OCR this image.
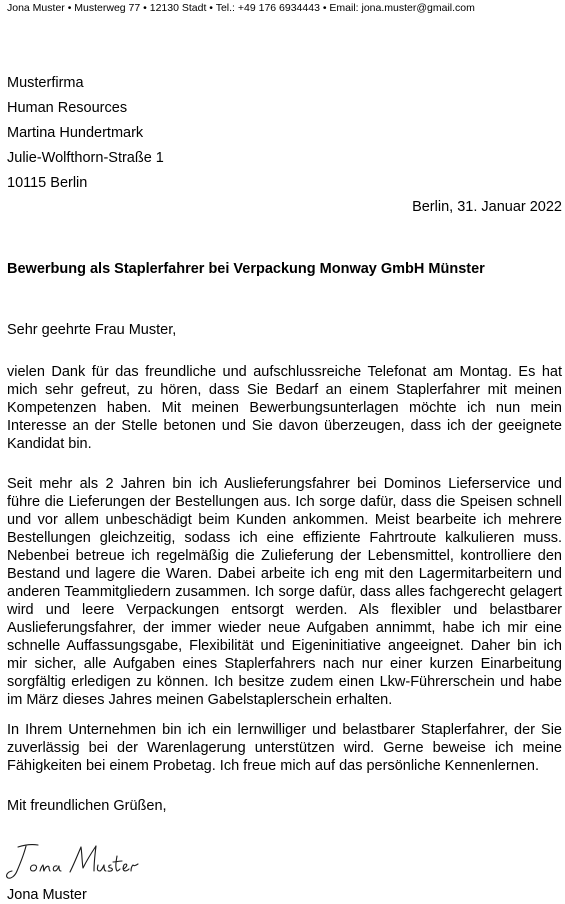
Jona Muster • Musterweg 77 • 12130 Stadt • Tel.: +49 176 6934443 • Email: jona.muster@gmail.com
Musterfirma
Human Resources
Martina Hundertmark
Julie-Wolfthorn-Straße 1
10115 Berlin
Berlin, 31. Januar 2022
Bewerbung als Staplerfahrer bei Verpackung Monway GmbH Münster
Sehr geehrte Frau Muster,
vielen Dank für das freundliche und aufschlussreiche Telefonat am Montag. Es hat mich sehr gefreut, zu hören, dass Sie Bedarf an einem Staplerfahrer mit meinen Kompetenzen haben. Mit meinen Bewerbungsunterlagen möchte ich nun mein Interesse an der Stelle betonen und Sie davon überzeugen, dass ich der geeignete Kandidat bin.
Seit mehr als 2 Jahren bin ich Auslieferungsfahrer bei Dominos Lieferservice und führe die Lieferungen der Bestellungen aus. Ich sorge dafür, dass die Speisen schnell und vor allem unbeschädigt beim Kunden ankommen. Meist bearbeite ich mehrere Bestellungen gleichzeitig, sodass ich eine effiziente Fahrtroute kalkulieren muss. Nebenbei betreue ich regelmäßig die Zulieferung der Lebensmittel, kontrolliere den Bestand und lagere die Waren. Dabei arbeite ich eng mit den Lagermitarbeitern und anderen Teammitgliedern zusammen. Ich sorge dafür, dass alles fachgerecht gelagert wird und leere Verpackungen entsorgt werden. Als flexibler und belastbarer Auslieferungsfahrer, der immer wieder neue Aufgaben annimmt, habe ich mir eine schnelle Auffassungsgabe, Flexibilität und Eigeninitiative angeeignet. Daher bin ich mir sicher, alle Aufgaben eines Staplerfahrers nach nur einer kurzen Einarbeitung sorgfältig erledigen zu können. Ich besitze zudem einen Lkw-Führerschein und habe im März dieses Jahres meinen Gabelstaplerschein erhalten.
In Ihrem Unternehmen bin ich ein lernwilliger und belastbarer Staplerfahrer, der Sie zuverlässig bei der Warenlagerung unterstützen wird. Gerne beweise ich meine Fähigkeiten bei einem Probetag. Ich freue mich auf das persönliche Kennenlernen.
Mit freundlichen Grüßen,
Jona Muster
